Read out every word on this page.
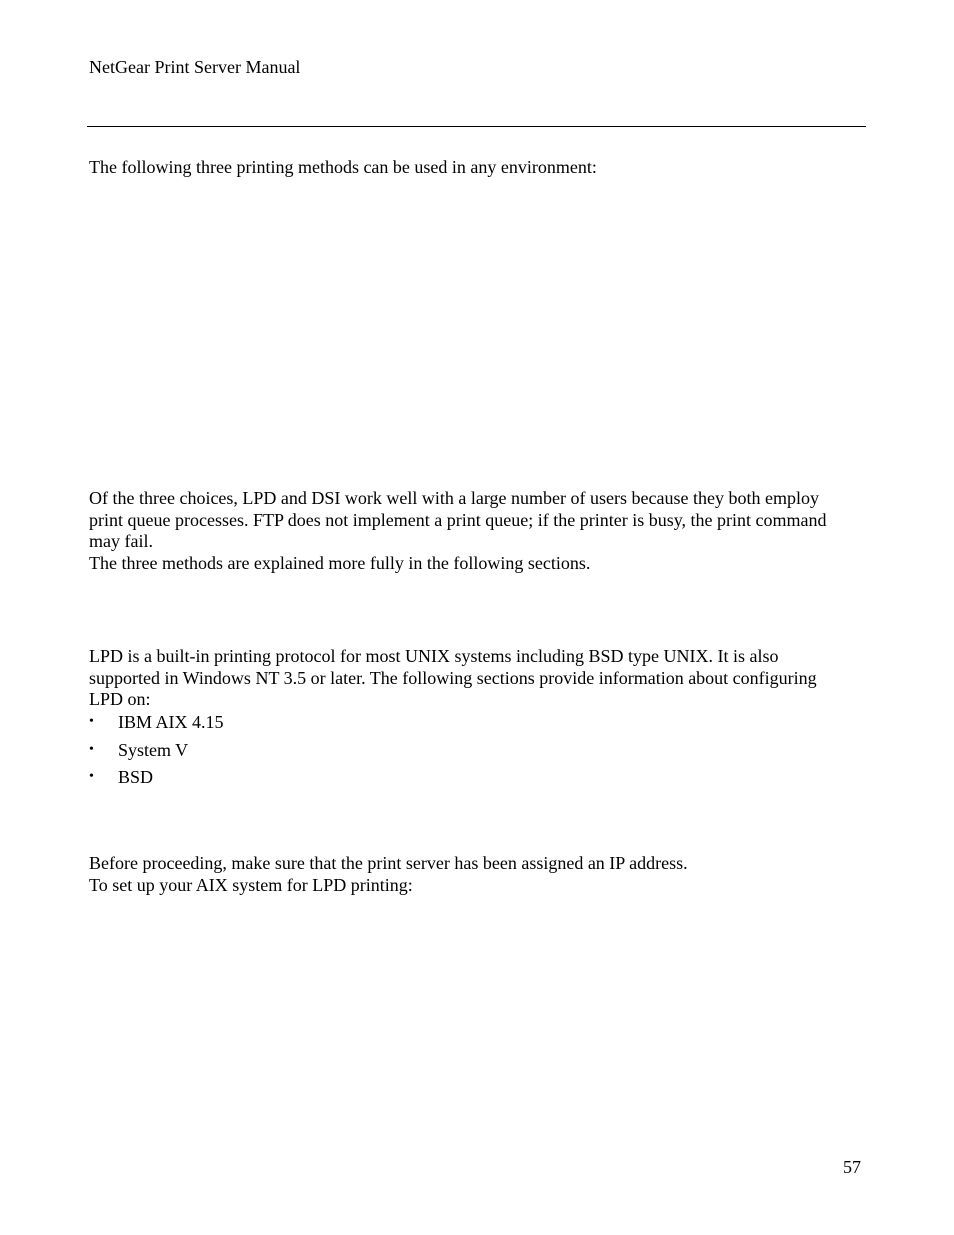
NetGear Print Server Manual
The following three printing methods can be used in any environment:
Of the three choices, LPD and DSI work well with a large number of users because they both employ
print queue processes. FTP does not implement a print queue; if the printer is busy, the print command
may fail.
The three methods are explained more fully in the following sections.
LPD is a built-in printing protocol for most UNIX systems including BSD type UNIX. It is also
supported in Windows NT 3.5 or later. The following sections provide information about configuring
LPD on:
• IBM AIX 4.15
• System V
• BSD
Before proceeding, make sure that the print server has been assigned an IP address.
To set up your AIX system for LPD printing:
57
